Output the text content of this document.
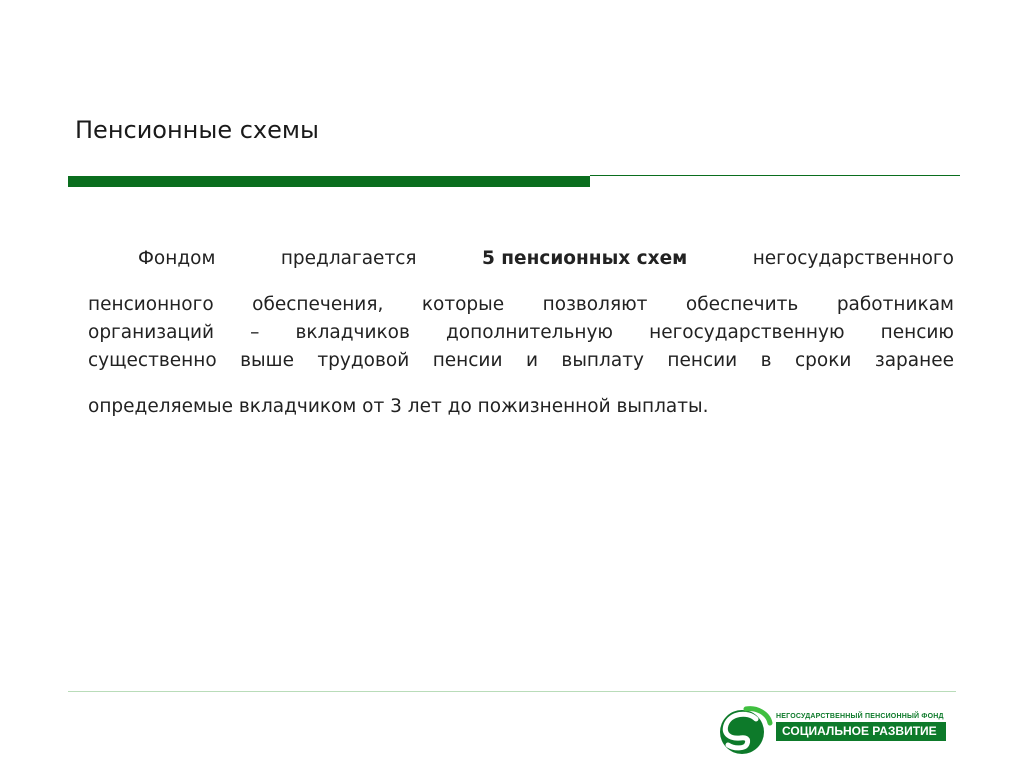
Пенсионные схемы
Фондом	предлагается	5 пенсионных схем	негосударственного
пенсионного обеспечения, которые позволяют обеспечить работникам
организаций – вкладчиков дополнительную негосударственную пенсию
существенно выше трудовой пенсии и выплату пенсии в сроки заранее
определяемые вкладчиком от 3 лет до пожизненной выплаты.
НЕГОСУДАРСТВЕННЫЙ ПЕНСИОННЫЙ ФОНД
СОЦИАЛЬНОЕ РАЗВИТИЕ
